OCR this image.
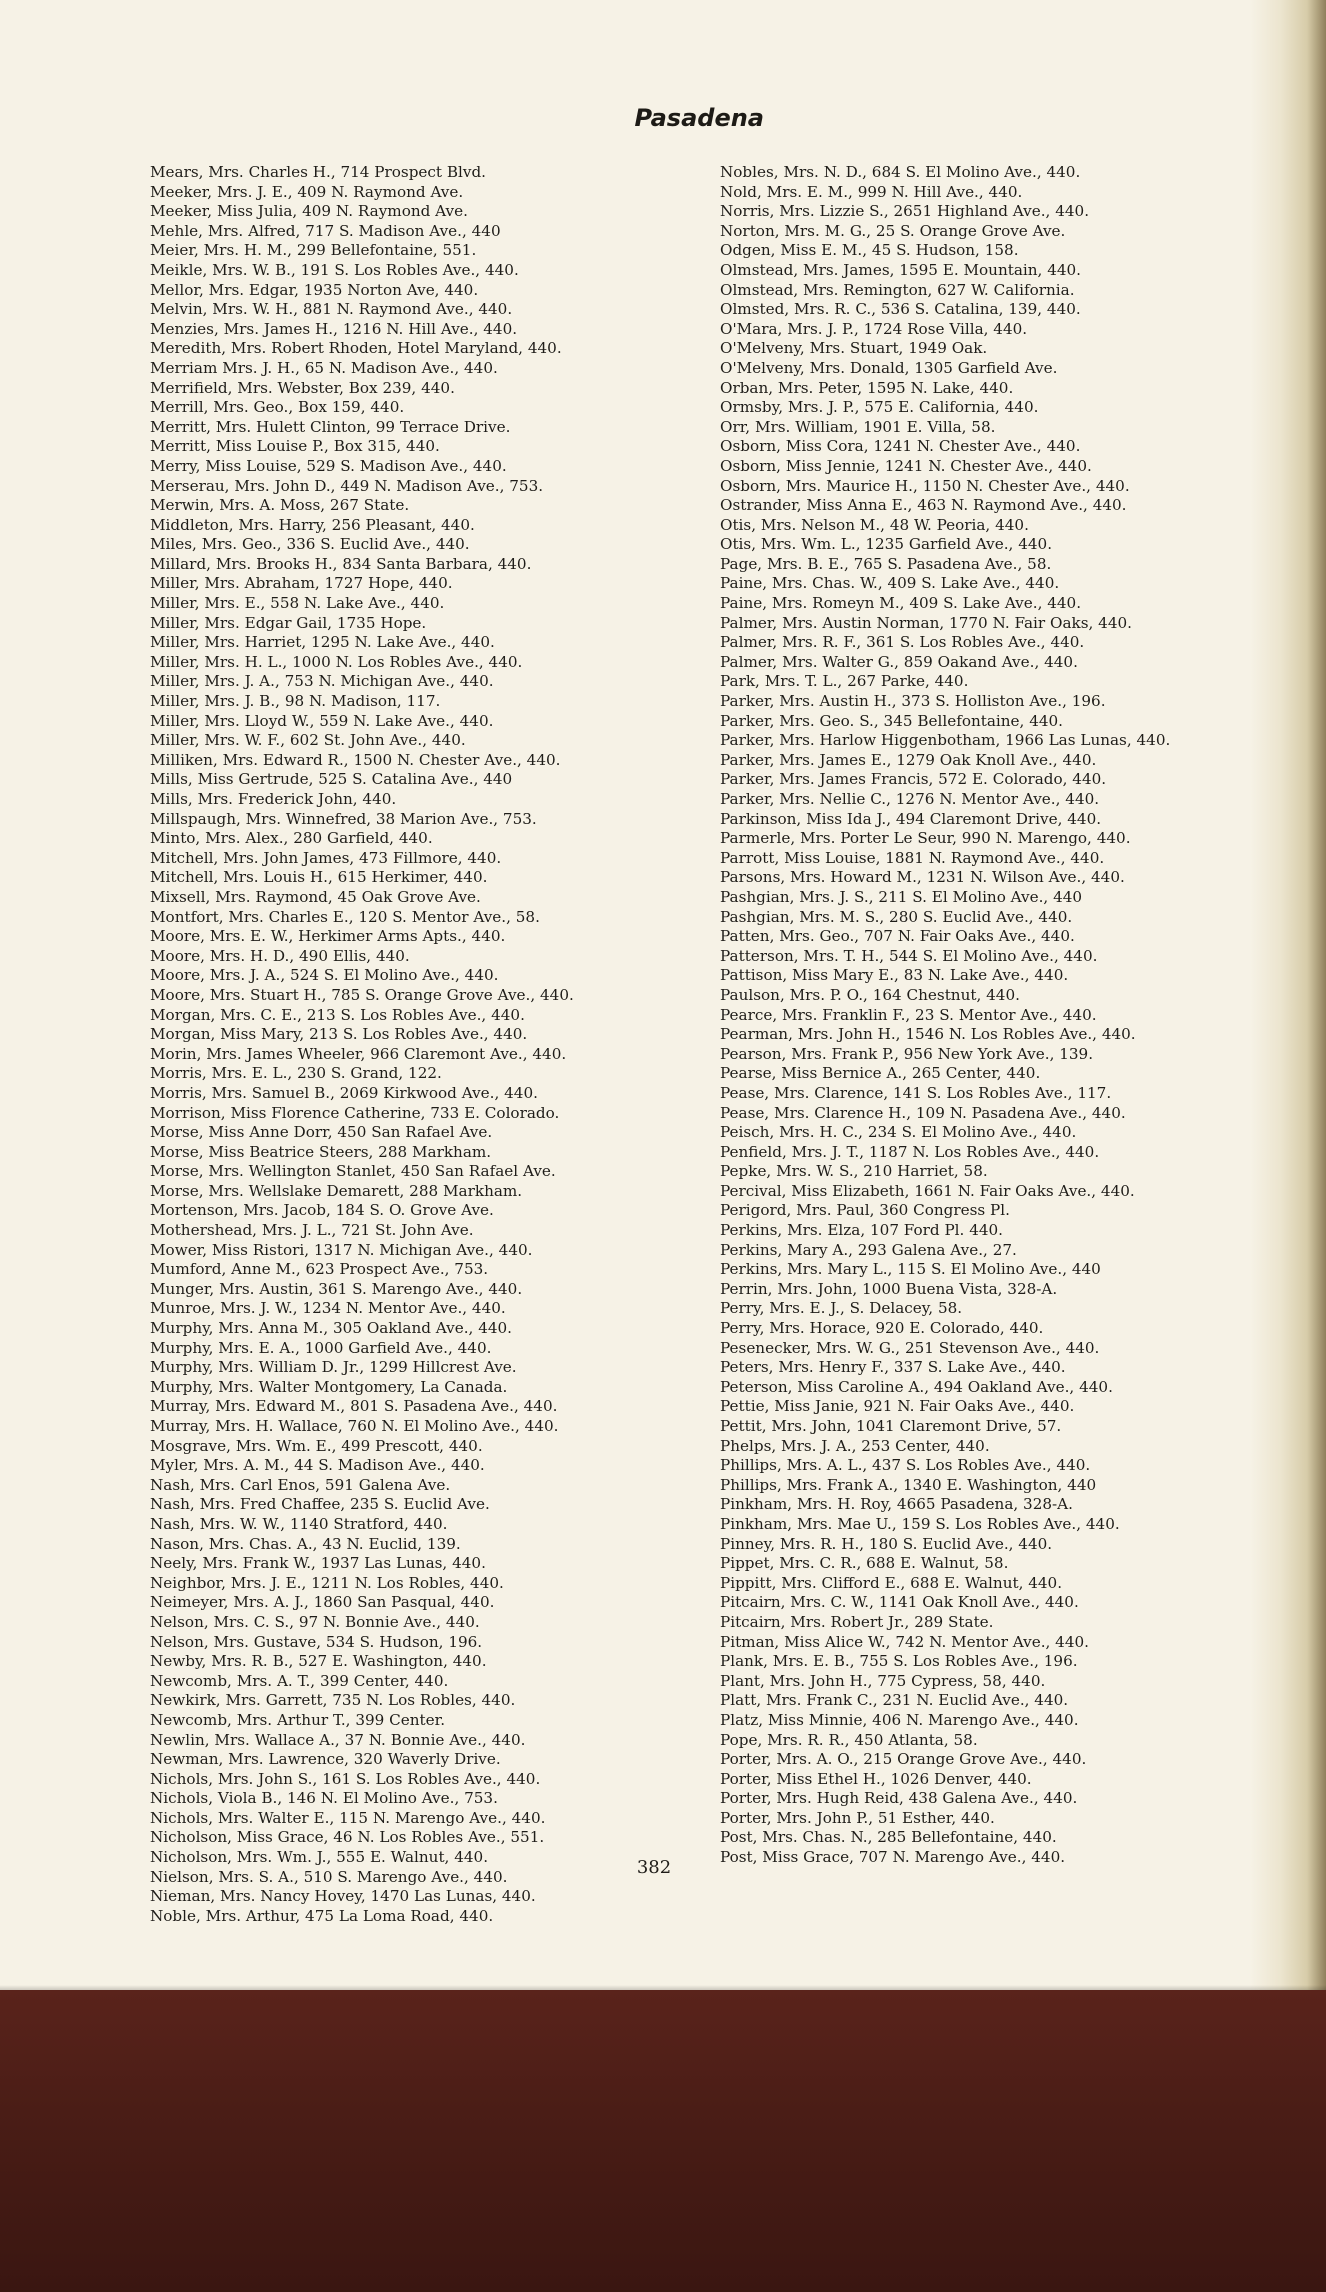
Pasadena
Mears, Mrs. Charles H., 714 Prospect Blvd.
Meeker, Mrs. J. E., 409 N. Raymond Ave.
Meeker, Miss Julia, 409 N. Raymond Ave.
Mehle, Mrs. Alfred, 717 S. Madison Ave., 440
Meier, Mrs. H. M., 299 Bellefontaine, 551.
Meikle, Mrs. W. B., 191 S. Los Robles Ave., 440.
Mellor, Mrs. Edgar, 1935 Norton Ave, 440.
Melvin, Mrs. W. H., 881 N. Raymond Ave., 440.
Menzies, Mrs. James H., 1216 N. Hill Ave., 440.
Meredith, Mrs. Robert Rhoden, Hotel Maryland, 440.
Merriam Mrs. J. H., 65 N. Madison Ave., 440.
Merrifield, Mrs. Webster, Box 239, 440.
Merrill, Mrs. Geo., Box 159, 440.
Merritt, Mrs. Hulett Clinton, 99 Terrace Drive.
Merritt, Miss Louise P., Box 315, 440.
Merry, Miss Louise, 529 S. Madison Ave., 440.
Merserau, Mrs. John D., 449 N. Madison Ave., 753.
Merwin, Mrs. A. Moss, 267 State.
Middleton, Mrs. Harry, 256 Pleasant, 440.
Miles, Mrs. Geo., 336 S. Euclid Ave., 440.
Millard, Mrs. Brooks H., 834 Santa Barbara, 440.
Miller, Mrs. Abraham, 1727 Hope, 440.
Miller, Mrs. E., 558 N. Lake Ave., 440.
Miller, Mrs. Edgar Gail, 1735 Hope.
Miller, Mrs. Harriet, 1295 N. Lake Ave., 440.
Miller, Mrs. H. L., 1000 N. Los Robles Ave., 440.
Miller, Mrs. J. A., 753 N. Michigan Ave., 440.
Miller, Mrs. J. B., 98 N. Madison, 117.
Miller, Mrs. Lloyd W., 559 N. Lake Ave., 440.
Miller, Mrs. W. F., 602 St. John Ave., 440.
Milliken, Mrs. Edward R., 1500 N. Chester Ave., 440.
Mills, Miss Gertrude, 525 S. Catalina Ave., 440
Mills, Mrs. Frederick John, 440.
Millspaugh, Mrs. Winnefred, 38 Marion Ave., 753.
Minto, Mrs. Alex., 280 Garfield, 440.
Mitchell, Mrs. John James, 473 Fillmore, 440.
Mitchell, Mrs. Louis H., 615 Herkimer, 440.
Mixsell, Mrs. Raymond, 45 Oak Grove Ave.
Montfort, Mrs. Charles E., 120 S. Mentor Ave., 58.
Moore, Mrs. E. W., Herkimer Arms Apts., 440.
Moore, Mrs. H. D., 490 Ellis, 440.
Moore, Mrs. J. A., 524 S. El Molino Ave., 440.
Moore, Mrs. Stuart H., 785 S. Orange Grove Ave., 440.
Morgan, Mrs. C. E., 213 S. Los Robles Ave., 440.
Morgan, Miss Mary, 213 S. Los Robles Ave., 440.
Morin, Mrs. James Wheeler, 966 Claremont Ave., 440.
Morris, Mrs. E. L., 230 S. Grand, 122.
Morris, Mrs. Samuel B., 2069 Kirkwood Ave., 440.
Morrison, Miss Florence Catherine, 733 E. Colorado.
Morse, Miss Anne Dorr, 450 San Rafael Ave.
Morse, Miss Beatrice Steers, 288 Markham.
Morse, Mrs. Wellington Stanlet, 450 San Rafael Ave.
Morse, Mrs. Wellslake Demarett, 288 Markham.
Mortenson, Mrs. Jacob, 184 S. O. Grove Ave.
Mothershead, Mrs. J. L., 721 St. John Ave.
Mower, Miss Ristori, 1317 N. Michigan Ave., 440.
Mumford, Anne M., 623 Prospect Ave., 753.
Munger, Mrs. Austin, 361 S. Marengo Ave., 440.
Munroe, Mrs. J. W., 1234 N. Mentor Ave., 440.
Murphy, Mrs. Anna M., 305 Oakland Ave., 440.
Murphy, Mrs. E. A., 1000 Garfield Ave., 440.
Murphy, Mrs. William D. Jr., 1299 Hillcrest Ave.
Murphy, Mrs. Walter Montgomery, La Canada.
Murray, Mrs. Edward M., 801 S. Pasadena Ave., 440.
Murray, Mrs. H. Wallace, 760 N. El Molino Ave., 440.
Mosgrave, Mrs. Wm. E., 499 Prescott, 440.
Myler, Mrs. A. M., 44 S. Madison Ave., 440.
Nash, Mrs. Carl Enos, 591 Galena Ave.
Nash, Mrs. Fred Chaffee, 235 S. Euclid Ave.
Nash, Mrs. W. W., 1140 Stratford, 440.
Nason, Mrs. Chas. A., 43 N. Euclid, 139.
Neely, Mrs. Frank W., 1937 Las Lunas, 440.
Neighbor, Mrs. J. E., 1211 N. Los Robles, 440.
Neimeyer, Mrs. A. J., 1860 San Pasqual, 440.
Nelson, Mrs. C. S., 97 N. Bonnie Ave., 440.
Nelson, Mrs. Gustave, 534 S. Hudson, 196.
Newby, Mrs. R. B., 527 E. Washington, 440.
Newcomb, Mrs. A. T., 399 Center, 440.
Newkirk, Mrs. Garrett, 735 N. Los Robles, 440.
Newcomb, Mrs. Arthur T., 399 Center.
Newlin, Mrs. Wallace A., 37 N. Bonnie Ave., 440.
Newman, Mrs. Lawrence, 320 Waverly Drive.
Nichols, Mrs. John S., 161 S. Los Robles Ave., 440.
Nichols, Viola B., 146 N. El Molino Ave., 753.
Nichols, Mrs. Walter E., 115 N. Marengo Ave., 440.
Nicholson, Miss Grace, 46 N. Los Robles Ave., 551.
Nicholson, Mrs. Wm. J., 555 E. Walnut, 440.
Nielson, Mrs. S. A., 510 S. Marengo Ave., 440.
Nieman, Mrs. Nancy Hovey, 1470 Las Lunas, 440.
Noble, Mrs. Arthur, 475 La Loma Road, 440.
Nobles, Mrs. N. D., 684 S. El Molino Ave., 440.
Nold, Mrs. E. M., 999 N. Hill Ave., 440.
Norris, Mrs. Lizzie S., 2651 Highland Ave., 440.
Norton, Mrs. M. G., 25 S. Orange Grove Ave.
Odgen, Miss E. M., 45 S. Hudson, 158.
Olmstead, Mrs. James, 1595 E. Mountain, 440.
Olmstead, Mrs. Remington, 627 W. California.
Olmsted, Mrs. R. C., 536 S. Catalina, 139, 440.
O'Mara, Mrs. J. P., 1724 Rose Villa, 440.
O'Melveny, Mrs. Stuart, 1949 Oak.
O'Melveny, Mrs. Donald, 1305 Garfield Ave.
Orban, Mrs. Peter, 1595 N. Lake, 440.
Ormsby, Mrs. J. P., 575 E. California, 440.
Orr, Mrs. William, 1901 E. Villa, 58.
Osborn, Miss Cora, 1241 N. Chester Ave., 440.
Osborn, Miss Jennie, 1241 N. Chester Ave., 440.
Osborn, Mrs. Maurice H., 1150 N. Chester Ave., 440.
Ostrander, Miss Anna E., 463 N. Raymond Ave., 440.
Otis, Mrs. Nelson M., 48 W. Peoria, 440.
Otis, Mrs. Wm. L., 1235 Garfield Ave., 440.
Page, Mrs. B. E., 765 S. Pasadena Ave., 58.
Paine, Mrs. Chas. W., 409 S. Lake Ave., 440.
Paine, Mrs. Romeyn M., 409 S. Lake Ave., 440.
Palmer, Mrs. Austin Norman, 1770 N. Fair Oaks, 440.
Palmer, Mrs. R. F., 361 S. Los Robles Ave., 440.
Palmer, Mrs. Walter G., 859 Oakand Ave., 440.
Park, Mrs. T. L., 267 Parke, 440.
Parker, Mrs. Austin H., 373 S. Holliston Ave., 196.
Parker, Mrs. Geo. S., 345 Bellefontaine, 440.
Parker, Mrs. Harlow Higgenbotham, 1966 Las Lunas, 440.
Parker, Mrs. James E., 1279 Oak Knoll Ave., 440.
Parker, Mrs. James Francis, 572 E. Colorado, 440.
Parker, Mrs. Nellie C., 1276 N. Mentor Ave., 440.
Parkinson, Miss Ida J., 494 Claremont Drive, 440.
Parmerle, Mrs. Porter Le Seur, 990 N. Marengo, 440.
Parrott, Miss Louise, 1881 N. Raymond Ave., 440.
Parsons, Mrs. Howard M., 1231 N. Wilson Ave., 440.
Pashgian, Mrs. J. S., 211 S. El Molino Ave., 440
Pashgian, Mrs. M. S., 280 S. Euclid Ave., 440.
Patten, Mrs. Geo., 707 N. Fair Oaks Ave., 440.
Patterson, Mrs. T. H., 544 S. El Molino Ave., 440.
Pattison, Miss Mary E., 83 N. Lake Ave., 440.
Paulson, Mrs. P. O., 164 Chestnut, 440.
Pearce, Mrs. Franklin F., 23 S. Mentor Ave., 440.
Pearman, Mrs. John H., 1546 N. Los Robles Ave., 440.
Pearson, Mrs. Frank P., 956 New York Ave., 139.
Pearse, Miss Bernice A., 265 Center, 440.
Pease, Mrs. Clarence, 141 S. Los Robles Ave., 117.
Pease, Mrs. Clarence H., 109 N. Pasadena Ave., 440.
Peisch, Mrs. H. C., 234 S. El Molino Ave., 440.
Penfield, Mrs. J. T., 1187 N. Los Robles Ave., 440.
Pepke, Mrs. W. S., 210 Harriet, 58.
Percival, Miss Elizabeth, 1661 N. Fair Oaks Ave., 440.
Perigord, Mrs. Paul, 360 Congress Pl.
Perkins, Mrs. Elza, 107 Ford Pl. 440.
Perkins, Mary A., 293 Galena Ave., 27.
Perkins, Mrs. Mary L., 115 S. El Molino Ave., 440
Perrin, Mrs. John, 1000 Buena Vista, 328-A.
Perry, Mrs. E. J., S. Delacey, 58.
Perry, Mrs. Horace, 920 E. Colorado, 440.
Pesenecker, Mrs. W. G., 251 Stevenson Ave., 440.
Peters, Mrs. Henry F., 337 S. Lake Ave., 440.
Peterson, Miss Caroline A., 494 Oakland Ave., 440.
Pettie, Miss Janie, 921 N. Fair Oaks Ave., 440.
Pettit, Mrs. John, 1041 Claremont Drive, 57.
Phelps, Mrs. J. A., 253 Center, 440.
Phillips, Mrs. A. L., 437 S. Los Robles Ave., 440.
Phillips, Mrs. Frank A., 1340 E. Washington, 440
Pinkham, Mrs. H. Roy, 4665 Pasadena, 328-A.
Pinkham, Mrs. Mae U., 159 S. Los Robles Ave., 440.
Pinney, Mrs. R. H., 180 S. Euclid Ave., 440.
Pippet, Mrs. C. R., 688 E. Walnut, 58.
Pippitt, Mrs. Clifford E., 688 E. Walnut, 440.
Pitcairn, Mrs. C. W., 1141 Oak Knoll Ave., 440.
Pitcairn, Mrs. Robert Jr., 289 State.
Pitman, Miss Alice W., 742 N. Mentor Ave., 440.
Plank, Mrs. E. B., 755 S. Los Robles Ave., 196.
Plant, Mrs. John H., 775 Cypress, 58, 440.
Platt, Mrs. Frank C., 231 N. Euclid Ave., 440.
Platz, Miss Minnie, 406 N. Marengo Ave., 440.
Pope, Mrs. R. R., 450 Atlanta, 58.
Porter, Mrs. A. O., 215 Orange Grove Ave., 440.
Porter, Miss Ethel H., 1026 Denver, 440.
Porter, Mrs. Hugh Reid, 438 Galena Ave., 440.
Porter, Mrs. John P., 51 Esther, 440.
Post, Mrs. Chas. N., 285 Bellefontaine, 440.
Post, Miss Grace, 707 N. Marengo Ave., 440.
382
